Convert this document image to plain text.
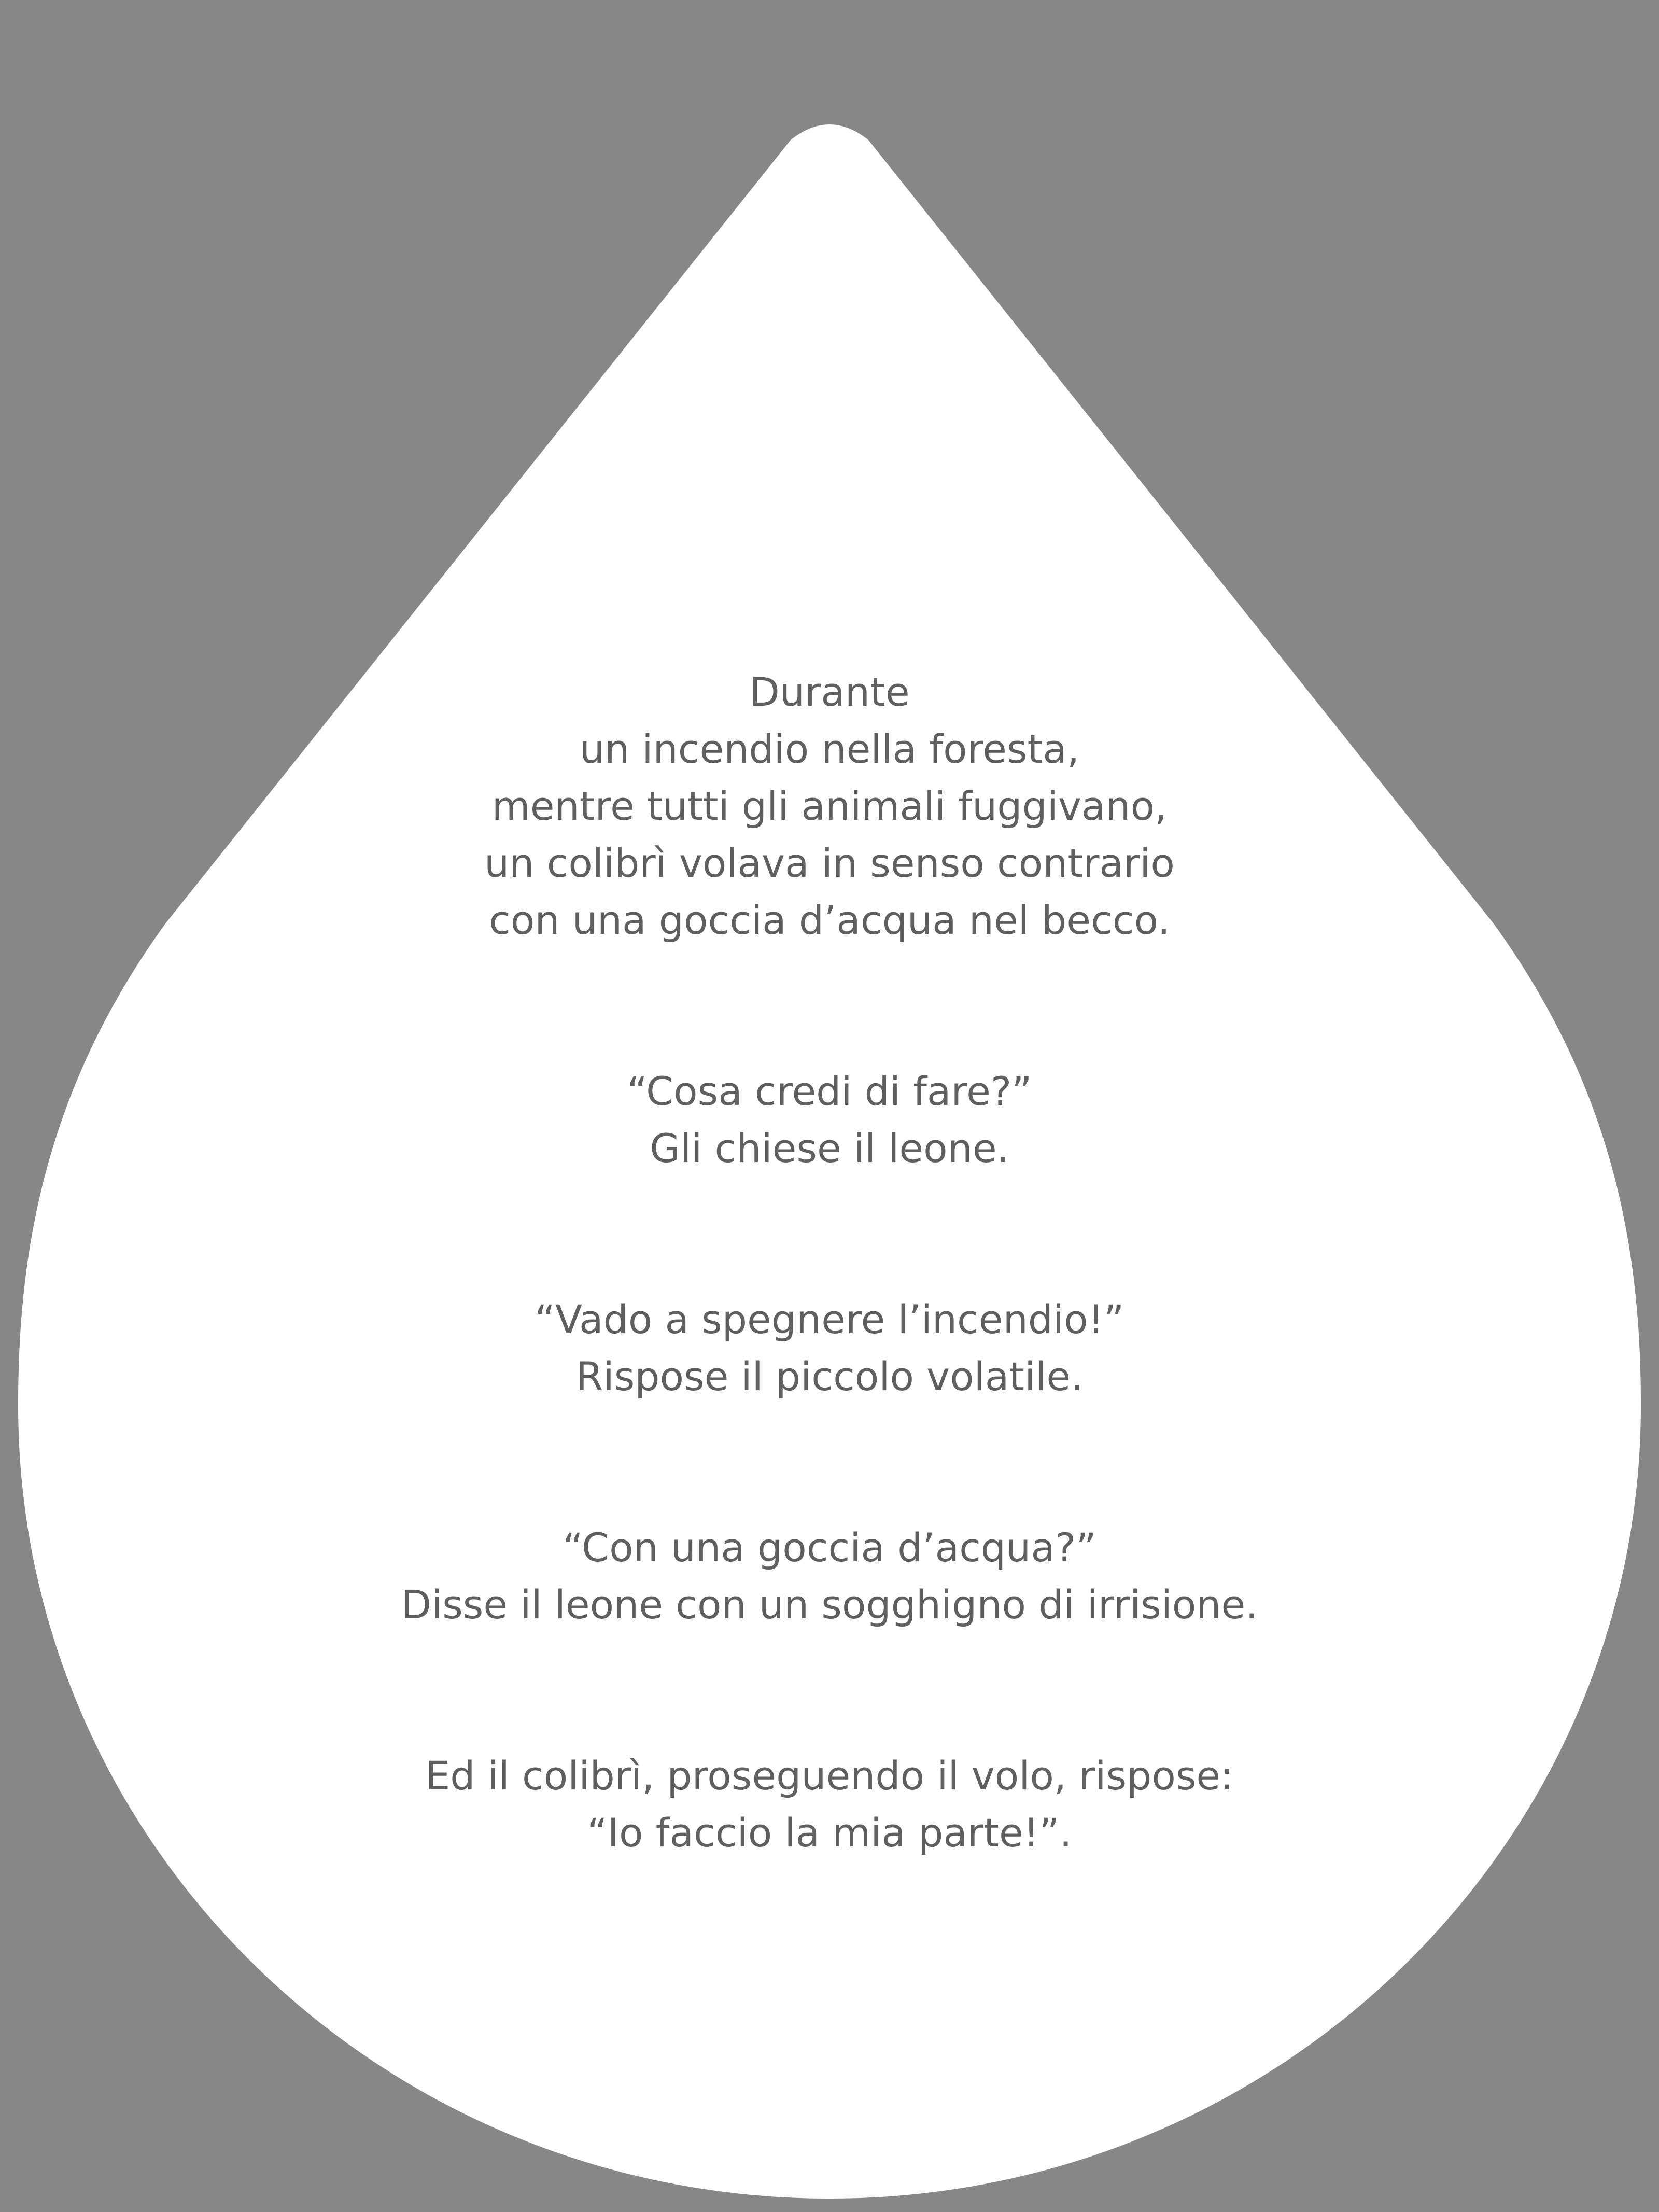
Durante
un incendio nella foresta,
mentre tutti gli animali fuggivano,
un colibrì volava in senso contrario
con una goccia d’acqua nel becco.
“Cosa credi di fare?”
Gli chiese il leone.
“Vado a spegnere l’incendio!”
Rispose il piccolo volatile.
“Con una goccia d’acqua?”
Disse il leone con un sogghigno di irrisione.
Ed il colibrì, proseguendo il volo, rispose:
“Io faccio la mia parte!”.
